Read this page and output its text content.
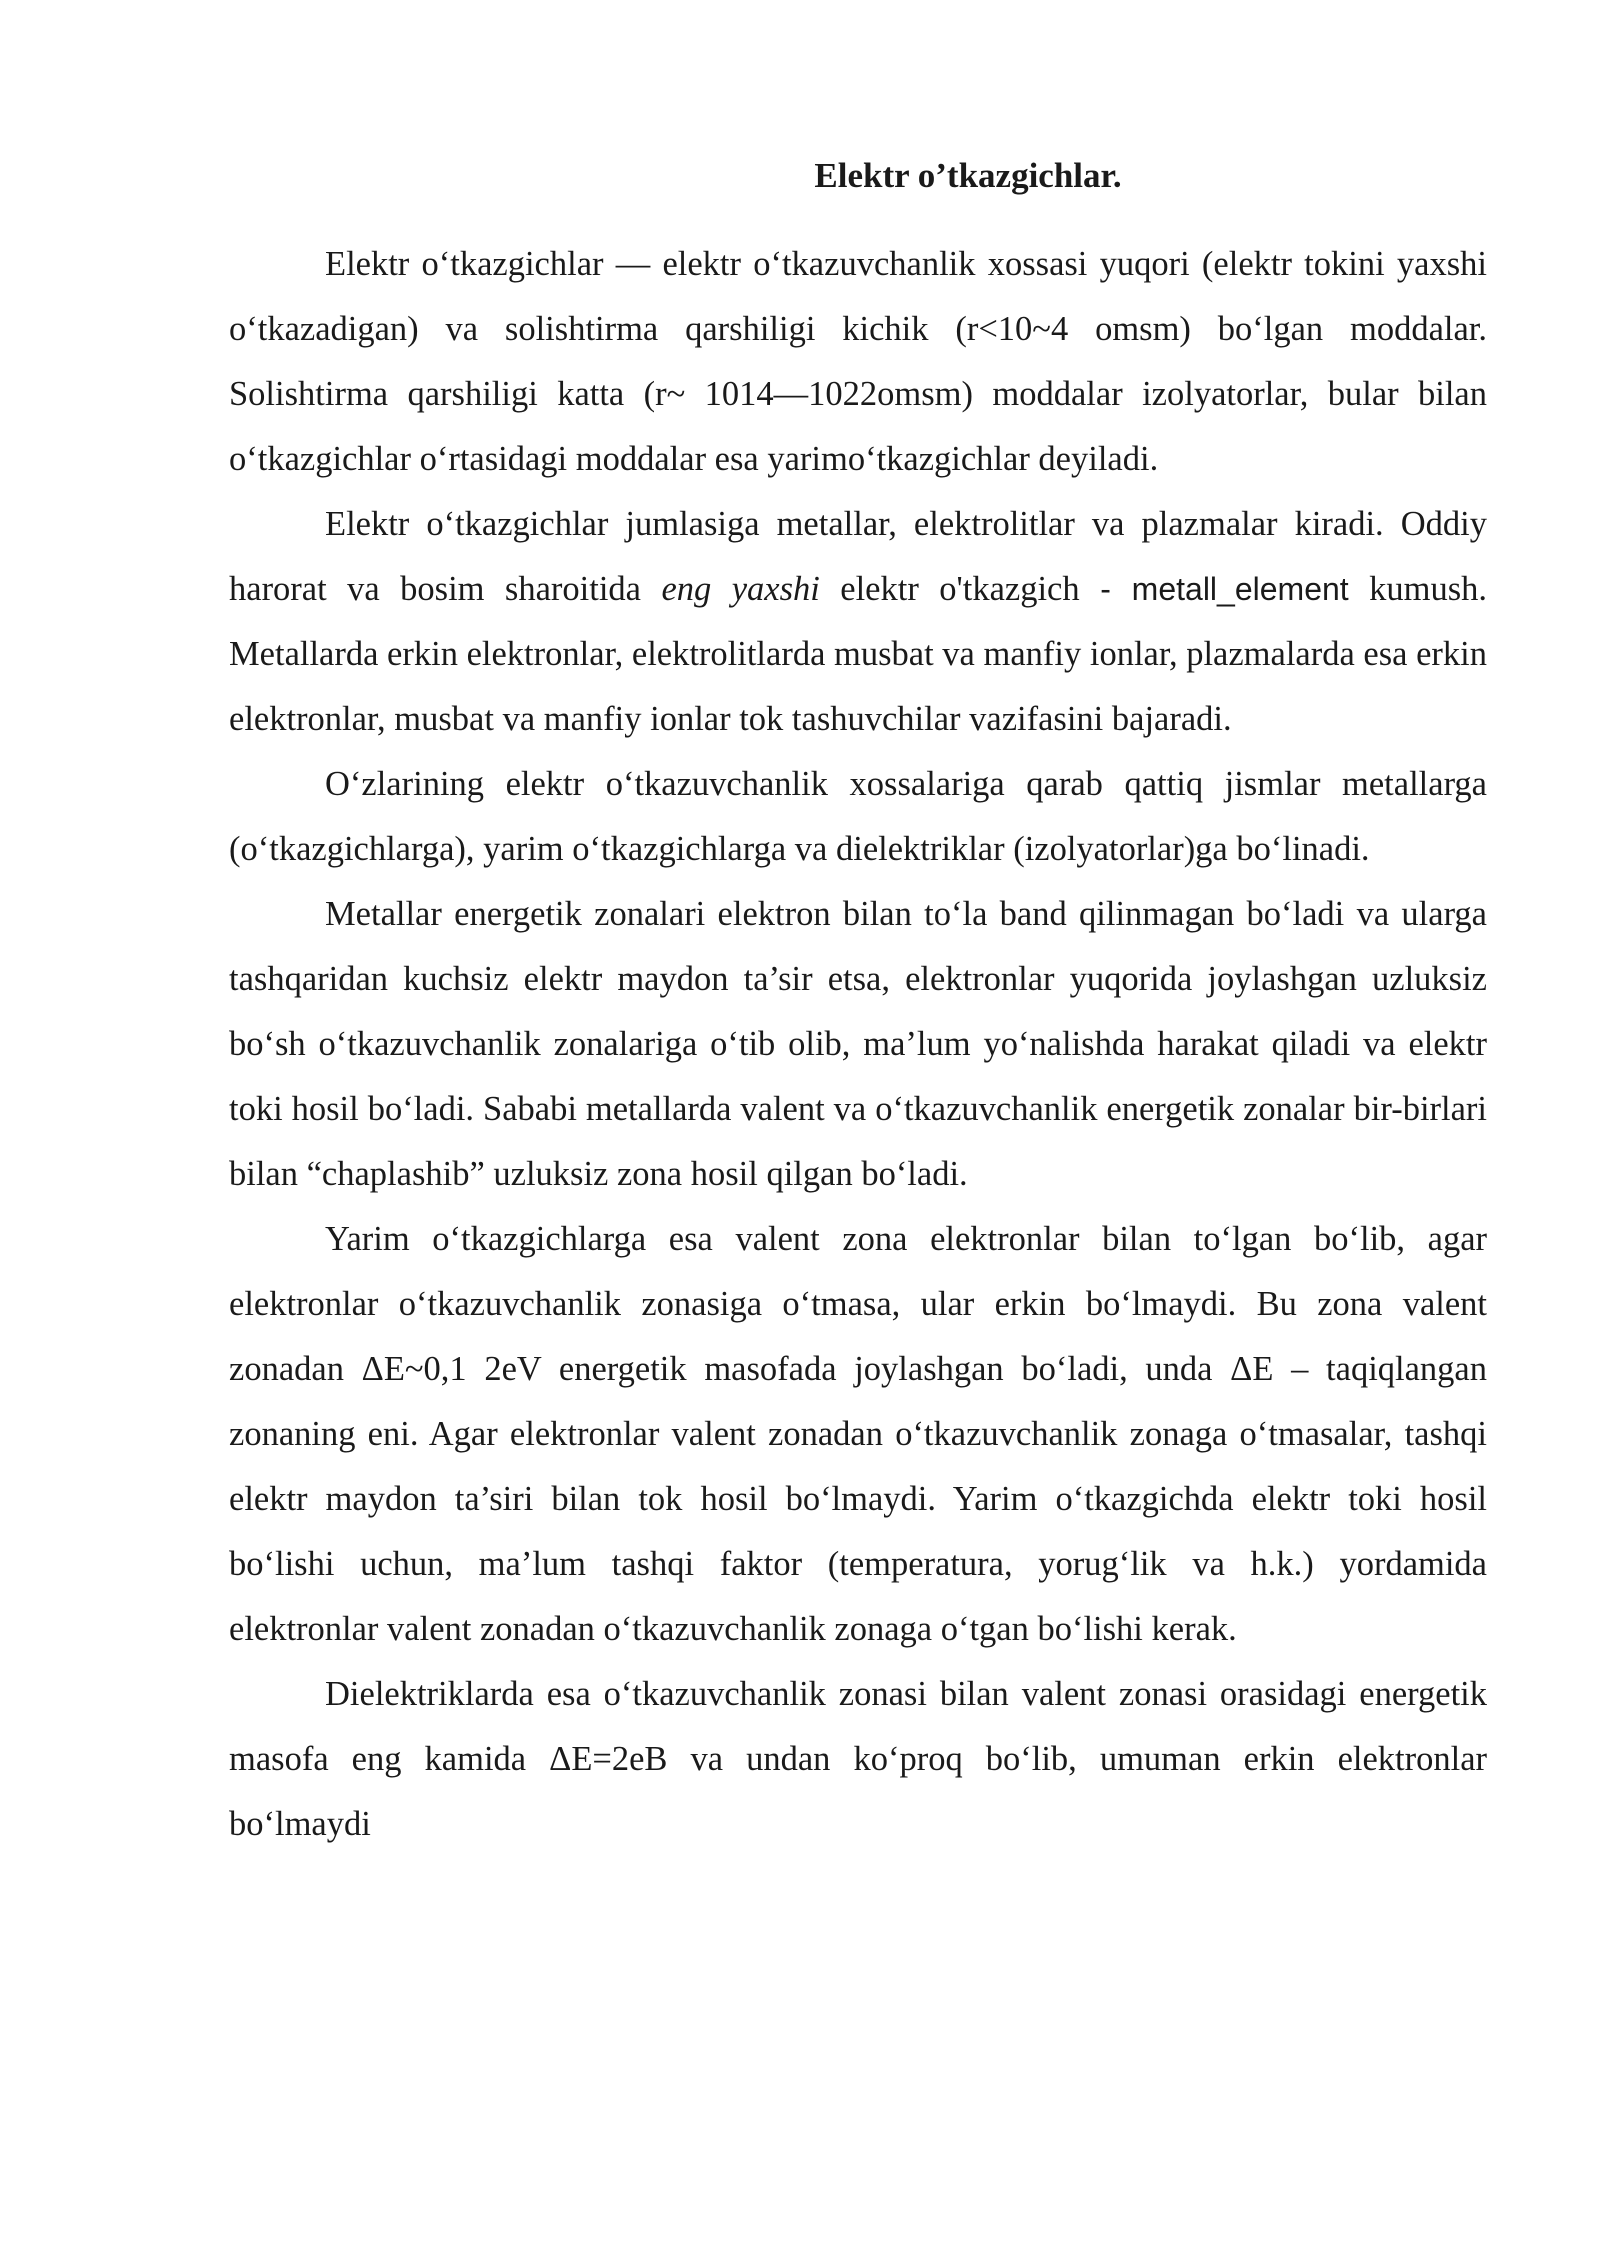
Elektr o’tkazgichlar.

Elektr o‘tkazgichlar — elektr o‘tkazuvchanlik xossasi yuqori (elektr tokini yaxshi o‘tkazadigan) va solishtirma qarshiligi kichik (r<10~4 omsm) bo‘lgan moddalar. Solishtirma qarshiligi katta (r~ 1014—1022omsm) moddalar izolyatorlar, bular bilan o‘tkazgichlar o‘rtasidagi moddalar esa yarimo‘tkazgichlar deyiladi.

Elektr o‘tkazgichlar jumlasiga metallar, elektrolitlar va plazmalar kiradi. Oddiy harorat va bosim sharoitida eng yaxshi elektr o'tkazgich - metall_element kumush. Metallarda erkin elektronlar, elektrolitlarda musbat va manfiy ionlar, plazmalarda esa erkin elektronlar, musbat va manfiy ionlar tok tashuvchilar vazifasini bajaradi.

O‘zlarining elektr o‘tkazuvchanlik xossalariga qarab qattiq jismlar metallarga (o‘tkazgichlarga), yarim o‘tkazgichlarga va dielektriklar (izolyatorlar)ga bo‘linadi.

Metallar energetik zonalari elektron bilan to‘la band qilinmagan bo‘ladi va ularga tashqaridan kuchsiz elektr maydon ta’sir etsa, elektronlar yuqorida joylashgan uzluksiz bo‘sh o‘tkazuvchanlik zonalariga o‘tib olib, ma’lum yo‘nalishda harakat qiladi va elektr toki hosil bo‘ladi. Sababi metallarda valent va o‘tkazuvchanlik energetik zonalar bir-birlari bilan “chaplashib” uzluksiz zona hosil qilgan bo‘ladi.

Yarim o‘tkazgichlarga esa valent zona elektronlar bilan to‘lgan bo‘lib, agar elektronlar o‘tkazuvchanlik zonasiga o‘tmasa, ular erkin bo‘lmaydi. Bu zona valent zonadan ΔE~0,1 2eV energetik masofada joylashgan bo‘ladi, unda ΔE – taqiqlangan zonaning eni. Agar elektronlar valent zonadan o‘tkazuvchanlik zonaga o‘tmasalar, tashqi elektr maydon ta’siri bilan tok hosil bo‘lmaydi. Yarim o‘tkazgichda elektr toki hosil bo‘lishi uchun, ma’lum tashqi faktor (temperatura, yorug‘lik va h.k.) yordamida elektronlar valent zonadan o‘tkazuvchanlik zonaga o‘tgan bo‘lishi kerak.

Dielektriklarda esa o‘tkazuvchanlik zonasi bilan valent zonasi orasidagi energetik masofa eng kamida ΔE=2eB va undan ko‘proq bo‘lib, umuman erkin elektronlar bo‘lmaydi
